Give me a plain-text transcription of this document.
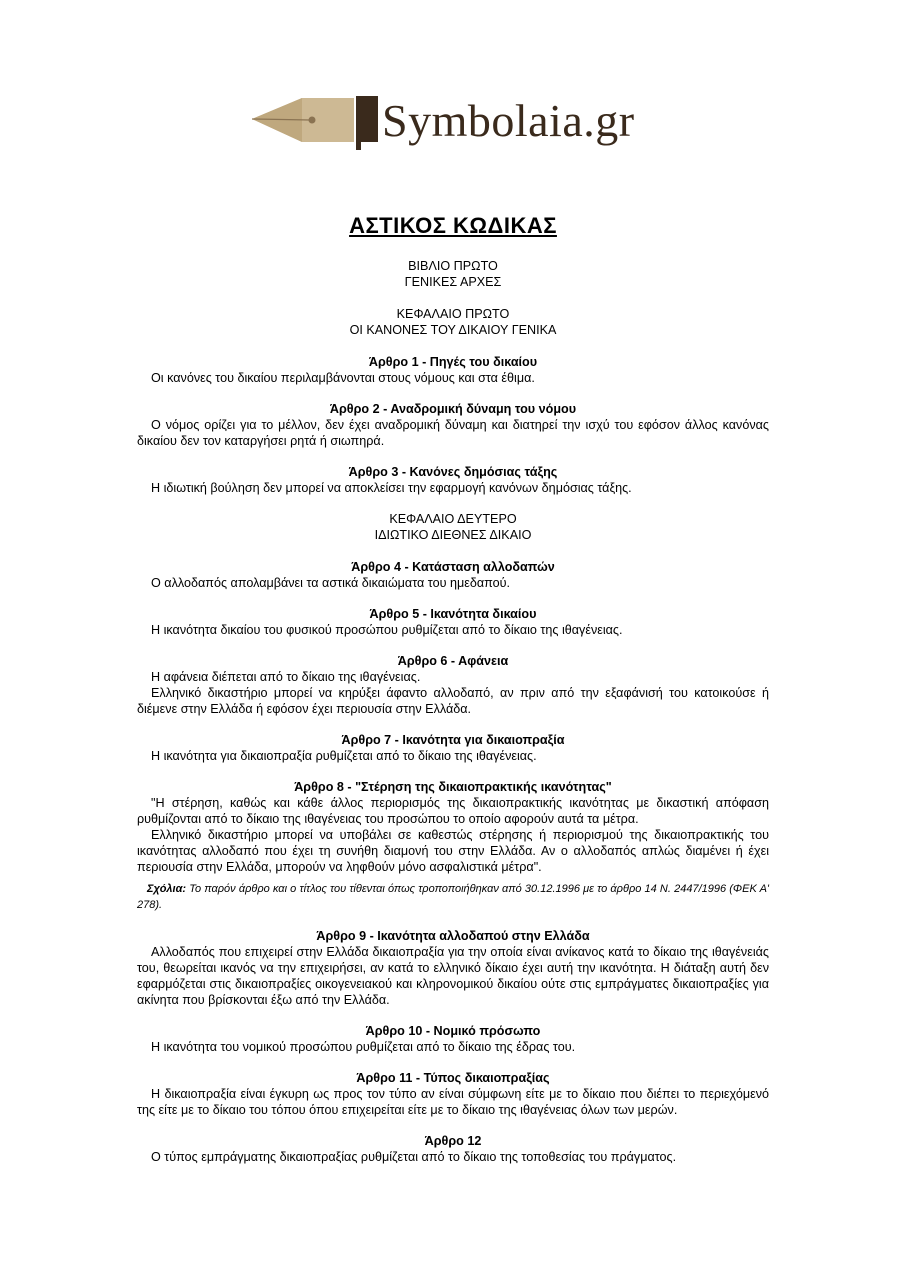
Symbolaia.gr
ΑΣΤΙΚΟΣ ΚΩΔΙΚΑΣ
ΒΙΒΛΙΟ ΠΡΩΤΟ
ΓΕΝΙΚΕΣ ΑΡΧΕΣ
ΚΕΦΑΛΑΙΟ ΠΡΩΤΟ
ΟΙ ΚΑΝΟΝΕΣ ΤΟΥ ΔΙΚΑΙΟΥ ΓΕΝΙΚΑ
Άρθρο 1 - Πηγές του δικαίου

Οι κανόνες του δικαίου περιλαμβάνονται στους νόμους και στα έθιμα.

Άρθρο 2 - Αναδρομική δύναμη του νόμου

Ο νόμος ορίζει για το μέλλον, δεν έχει αναδρομική δύναμη και διατηρεί την ισχύ του εφόσον άλλος κανόνας δικαίου δεν τον καταργήσει ρητά ή σιωπηρά.

Άρθρο 3 - Κανόνες δημόσιας τάξης

Η ιδιωτική βούληση δεν μπορεί να αποκλείσει την εφαρμογή κανόνων δημόσιας τάξης.

ΚΕΦΑΛΑΙΟ ΔΕΥΤΕΡΟ
ΙΔΙΩΤΙΚΟ ΔΙΕΘΝΕΣ ΔΙΚΑΙΟ
Άρθρο 4 - Κατάσταση αλλοδαπών

Ο αλλοδαπός απολαμβάνει τα αστικά δικαιώματα του ημεδαπού.

Άρθρο 5 - Ικανότητα δικαίου

Η ικανότητα δικαίου του φυσικού προσώπου ρυθμίζεται από το δίκαιο της ιθαγένειας.

Άρθρο 6 - Αφάνεια

Η αφάνεια διέπεται από το δίκαιο της ιθαγένειας.

Ελληνικό δικαστήριο μπορεί να κηρύξει άφαντο αλλοδαπό, αν πριν από την εξαφάνισή του κατοικούσε ή διέμενε στην Ελλάδα ή εφόσον έχει περιουσία στην Ελλάδα.

Άρθρο 7 - Ικανότητα για δικαιοπραξία

Η ικανότητα για δικαιοπραξία ρυθμίζεται από το δίκαιο της ιθαγένειας.

Άρθρο 8 - "Στέρηση της δικαιοπρακτικής ικανότητας"

"Η στέρηση, καθώς και κάθε άλλος περιορισμός της δικαιοπρακτικής ικανότητας με δικαστική απόφαση ρυθμίζονται από το δίκαιο της ιθαγένειας του προσώπου το οποίο αφορούν αυτά τα μέτρα.

Ελληνικό δικαστήριο μπορεί να υποβάλει σε καθεστώς στέρησης ή περιορισμού της δικαιοπρακτικής του ικανότητας αλλοδαπό που έχει τη συνήθη διαμονή του στην Ελλάδα. Αν ο αλλοδαπός απλώς διαμένει ή έχει περιουσία στην Ελλάδα, μπορούν να ληφθούν μόνο ασφαλιστικά μέτρα".

Σχόλια: Το παρόν άρθρο και ο τίτλος του τίθενται όπως τροποποιήθηκαν από 30.12.1996 με το άρθρο 14 Ν. 2447/1996 (ΦΕΚ Α' 278).
Άρθρο 9 - Ικανότητα αλλοδαπού στην Ελλάδα

Αλλοδαπός που επιχειρεί στην Ελλάδα δικαιοπραξία για την οποία είναι ανίκανος κατά το δίκαιο της ιθαγένειάς του, θεωρείται ικανός να την επιχειρήσει, αν κατά το ελληνικό δίκαιο έχει αυτή την ικανότητα. Η διάταξη αυτή δεν εφαρμόζεται στις δικαιοπραξίες οικογενειακού και κληρονομικού δικαίου ούτε στις εμπράγματες δικαιοπραξίες για ακίνητα που βρίσκονται έξω από την Ελλάδα.

Άρθρο 10 - Νομικό πρόσωπο

Η ικανότητα του νομικού προσώπου ρυθμίζεται από το δίκαιο της έδρας του.

Άρθρο 11 - Τύπος δικαιοπραξίας

Η δικαιοπραξία είναι έγκυρη ως προς τον τύπο αν είναι σύμφωνη είτε με το δίκαιο που διέπει το περιεχόμενό της είτε με το δίκαιο του τόπου όπου επιχειρείται είτε με το δίκαιο της ιθαγένειας όλων των μερών.

Άρθρο 12

Ο τύπος εμπράγματης δικαιοπραξίας ρυθμίζεται από το δίκαιο της τοποθεσίας του πράγματος.
